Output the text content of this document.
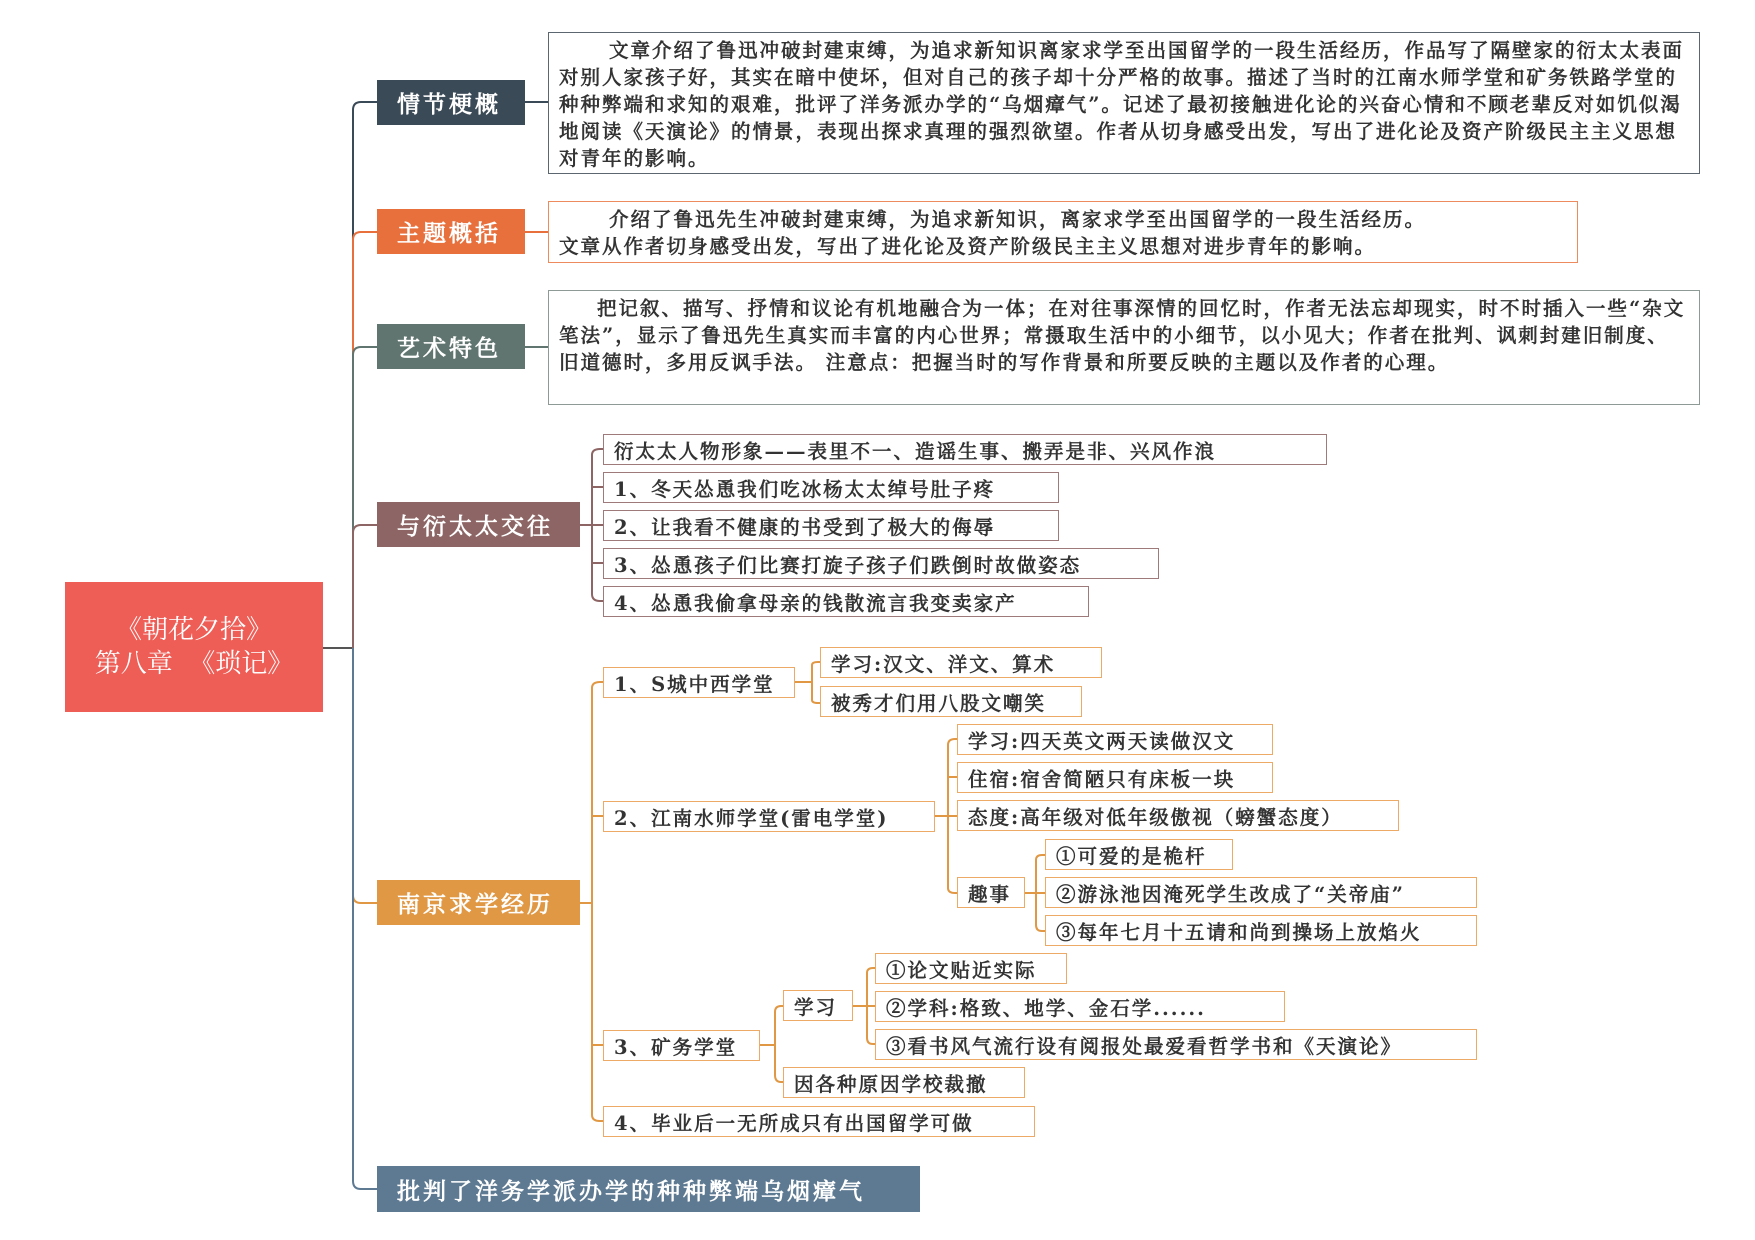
《朝花夕拾》
第八章  《琐记》
情节梗概

文章介绍了鲁迅冲破封建束缚，为追求新知识离家求学至出国留学的一段生活经历，作品写了隔壁家的衍太太表面对别人家孩子好，其实在暗中使坏，但对自己的孩子却十分严格的故事。描述了当时的江南水师学堂和矿务铁路学堂的种种弊端和求知的艰难，批评了洋务派办学的“乌烟瘴气”。记述了最初接触进化论的兴奋心情和不顾老辈反对如饥似渴地阅读《天演论》的情景，表现出探求真理的强烈欲望。作者从切身感受出发，写出了进化论及资产阶级民主主义思想对青年的影响。

主题概括

介绍了鲁迅先生冲破封建束缚，为追求新知识，离家求学至出国留学的一段生活经历。

文章从作者切身感受出发，写出了进化论及资产阶级民主主义思想对进步青年的影响。

艺术特色

把记叙、描写、抒情和议论有机地融合为一体；在对往事深情的回忆时，作者无法忘却现实，时不时插入一些“杂文笔法”，显示了鲁迅先生真实而丰富的内心世界；常摄取生活中的小细节，以小见大；作者在批判、讽刺封建旧制度、旧道德时，多用反讽手法。 注意点：把握当时的写作背景和所要反映的主题以及作者的心理。

与衍太太交往
衍太太人物形象——表里不一、造谣生事、搬弄是非、兴风作浪
1、冬天怂恿我们吃冰杨太太绰号肚子疼
2、让我看不健康的书受到了极大的侮辱
3、怂恿孩子们比赛打旋子孩子们跌倒时故做姿态
4、怂恿我偷拿母亲的钱散流言我变卖家产
南京求学经历
1、S城中西学堂
学习:汉文、洋文、算术
被秀才们用八股文嘲笑
2、江南水师学堂(雷电学堂)
学习:四天英文两天读做汉文
住宿:宿舍简陋只有床板一块
态度:高年级对低年级傲视（螃蟹态度）
趣事
①可爱的是桅杆
②游泳池因淹死学生改成了“关帝庙”
③每年七月十五请和尚到操场上放焰火
3、矿务学堂
学习
①论文贴近实际
②学科:格致、地学、金石学......
③看书风气流行设有阅报处最爱看哲学书和《天演论》
因各种原因学校裁撤
4、毕业后一无所成只有出国留学可做
批判了洋务学派办学的种种弊端乌烟瘴气
